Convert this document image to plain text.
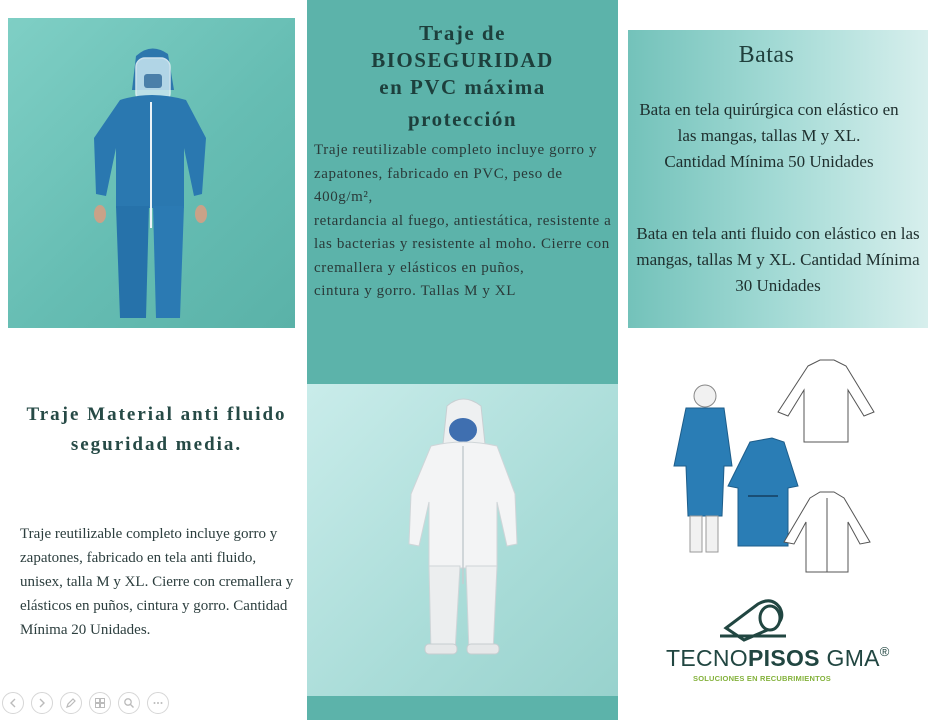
Traje Material anti fluido seguridad media.
Traje reutilizable completo incluye gorro y zapatones, fabricado en tela anti fluido, unisex, talla M y XL. Cierre con cremallera y elásticos en puños, cintura y gorro. Cantidad Mínima 20 Unidades.
Traje de
BIOSEGURIDAD
en PVC máxima
protección
Traje reutilizable completo incluye gorro y zapatones, fabricado en PVC, peso de 400g/m²,
retardancia al fuego, antiestática, resistente a las bacterias y resistente al moho. Cierre con
cremallera y elásticos en puños,
cintura y gorro. Tallas M y XL
Batas
Bata en tela quirúrgica con elástico en las mangas, tallas M y XL.
Cantidad Mínima 50 Unidades
Bata en tela anti fluido con elástico en las mangas, tallas M y XL. Cantidad Mínima 30 Unidades
TECNOPISOS GMA®
SOLUCIONES EN RECUBRIMIENTOS
